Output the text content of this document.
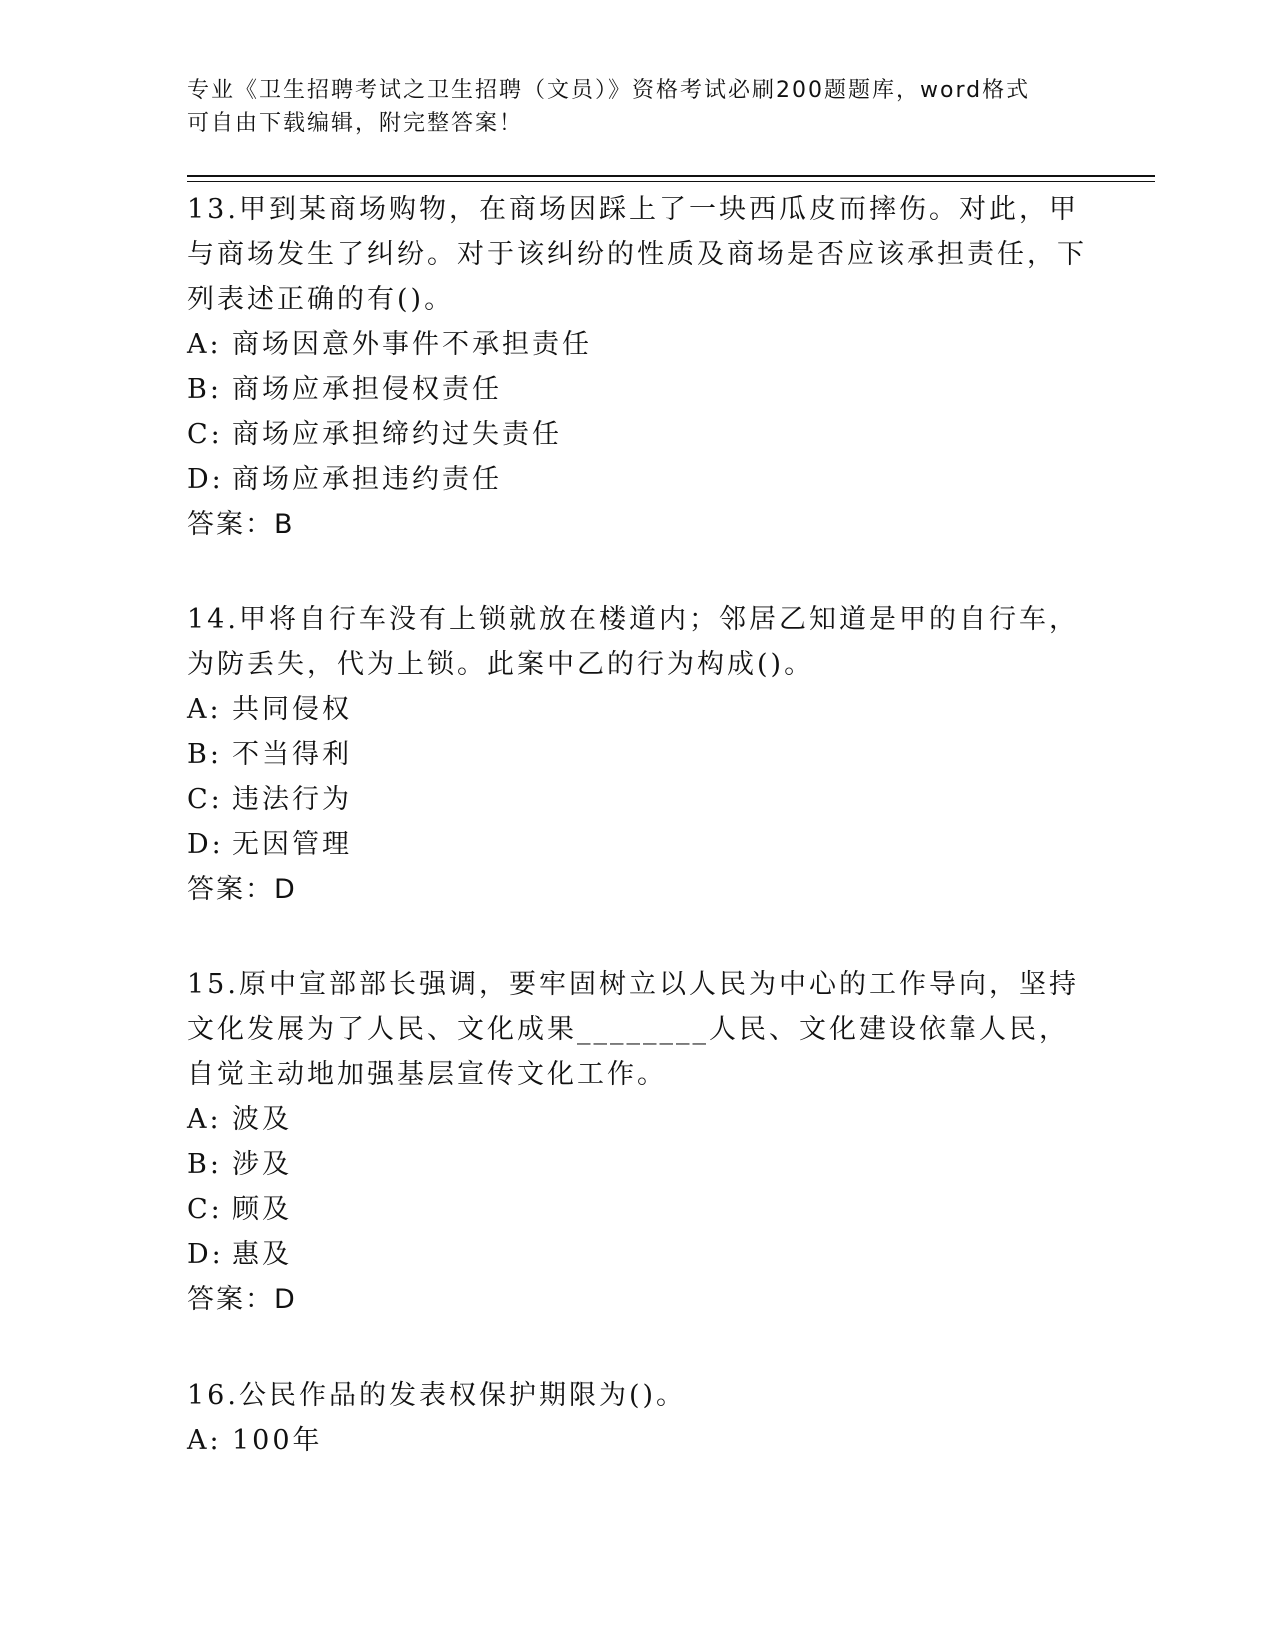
专业《卫生招聘考试之卫生招聘（文员）》资格考试必刷200题题库，word格式
可自由下载编辑，附完整答案！

13.甲到某商场购物，在商场因踩上了一块西瓜皮而摔伤。对此，甲与商场发生了纠纷。对于该纠纷的性质及商场是否应该承担责任，下列表述正确的有()。

A: 商场因意外事件不承担责任
B: 商场应承担侵权责任
C: 商场应承担缔约过失责任
D: 商场应承担违约责任
答案：B

14.甲将自行车没有上锁就放在楼道内；邻居乙知道是甲的自行车，为防丢失，代为上锁。此案中乙的行为构成()。

A: 共同侵权
B: 不当得利
C: 违法行为
D: 无因管理
答案：D

15.原中宣部部长强调，要牢固树立以人民为中心的工作导向，坚持文化发展为了人民、文化成果________人民、文化建设依靠人民，自觉主动地加强基层宣传文化工作。

A: 波及
B: 涉及
C: 顾及
D: 惠及
答案：D

16.公民作品的发表权保护期限为()。

A: 100年
